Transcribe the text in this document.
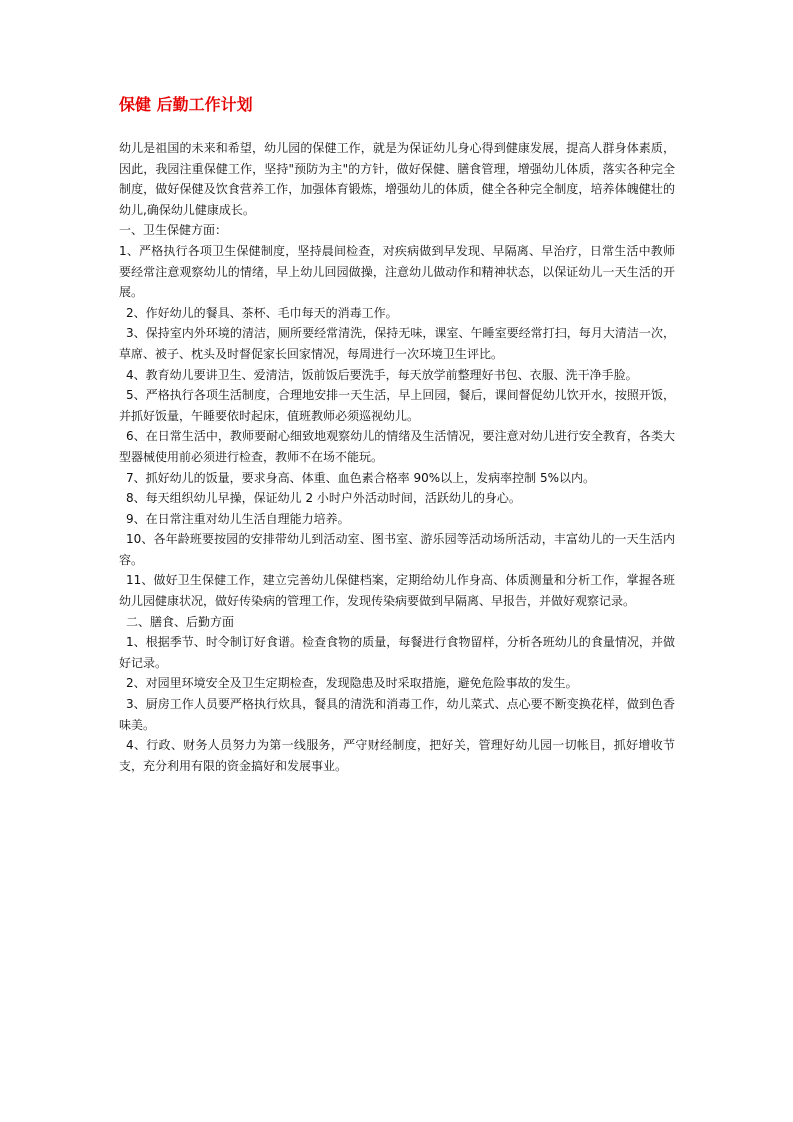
保健 后勤工作计划

幼儿是祖国的未来和希望，幼儿园的保健工作，就是为保证幼儿身心得到健康发展，提高人群身体素质，因此，我园注重保健工作，坚持"预防为主"的方针，做好保健、膳食管理，增强幼儿体质，落实各种完全制度，做好保健及饮食营养工作，加强体育锻炼，增强幼儿的体质，健全各种完全制度，培养体魄健壮的幼儿,确保幼儿健康成长。

一、卫生保健方面：

1、严格执行各项卫生保健制度，坚持晨间检查，对疾病做到早发现、早隔离、早治疗，日常生活中教师要经常注意观察幼儿的情绪，早上幼儿回园做操，注意幼儿做动作和精神状态，以保证幼儿一天生活的开展。

2、作好幼儿的餐具、茶杯、毛巾每天的消毒工作。

3、保持室内外环境的清洁，厕所要经常清洗，保持无味，课室、午睡室要经常打扫，每月大清洁一次，草席、被子、枕头及时督促家长回家情况，每周进行一次环境卫生评比。

4、教育幼儿要讲卫生、爱清洁，饭前饭后要洗手，每天放学前整理好书包、衣服、洗干净手脸。

5、严格执行各项生活制度，合理地安排一天生活，早上回园，餐后，课间督促幼儿饮开水，按照开饭，并抓好饭量，午睡要依时起床，值班教师必须巡视幼儿。

6、在日常生活中，教师要耐心细致地观察幼儿的情绪及生活情况，要注意对幼儿进行安全教育，各类大型器械使用前必须进行检查，教师不在场不能玩。

7、抓好幼儿的饭量，要求身高、体重、血色素合格率 90%以上，发病率控制 5%以内。

8、每天组织幼儿早操，保证幼儿 2 小时户外活动时间，活跃幼儿的身心。

9、在日常注重对幼儿生活自理能力培养。

10、各年龄班要按园的安排带幼儿到活动室、图书室、游乐园等活动场所活动，丰富幼儿的一天生活内容。

11、做好卫生保健工作，建立完善幼儿保健档案，定期给幼儿作身高、体质测量和分析工作，掌握各班幼儿园健康状况，做好传染病的管理工作，发现传染病要做到早隔离、早报告，并做好观察记录。

二、膳食、后勤方面

1、根据季节、时令制订好食谱。检查食物的质量，每餐进行食物留样，分析各班幼儿的食量情况，并做好记录。

2、对园里环境安全及卫生定期检查，发现隐患及时采取措施，避免危险事故的发生。

3、厨房工作人员要严格执行炊具，餐具的清洗和消毒工作，幼儿菜式、点心要不断变换花样，做到色香味美。

4、行政、财务人员努力为第一线服务，严守财经制度，把好关，管理好幼儿园一切帐目，抓好增收节支，充分利用有限的资金搞好和发展事业。
